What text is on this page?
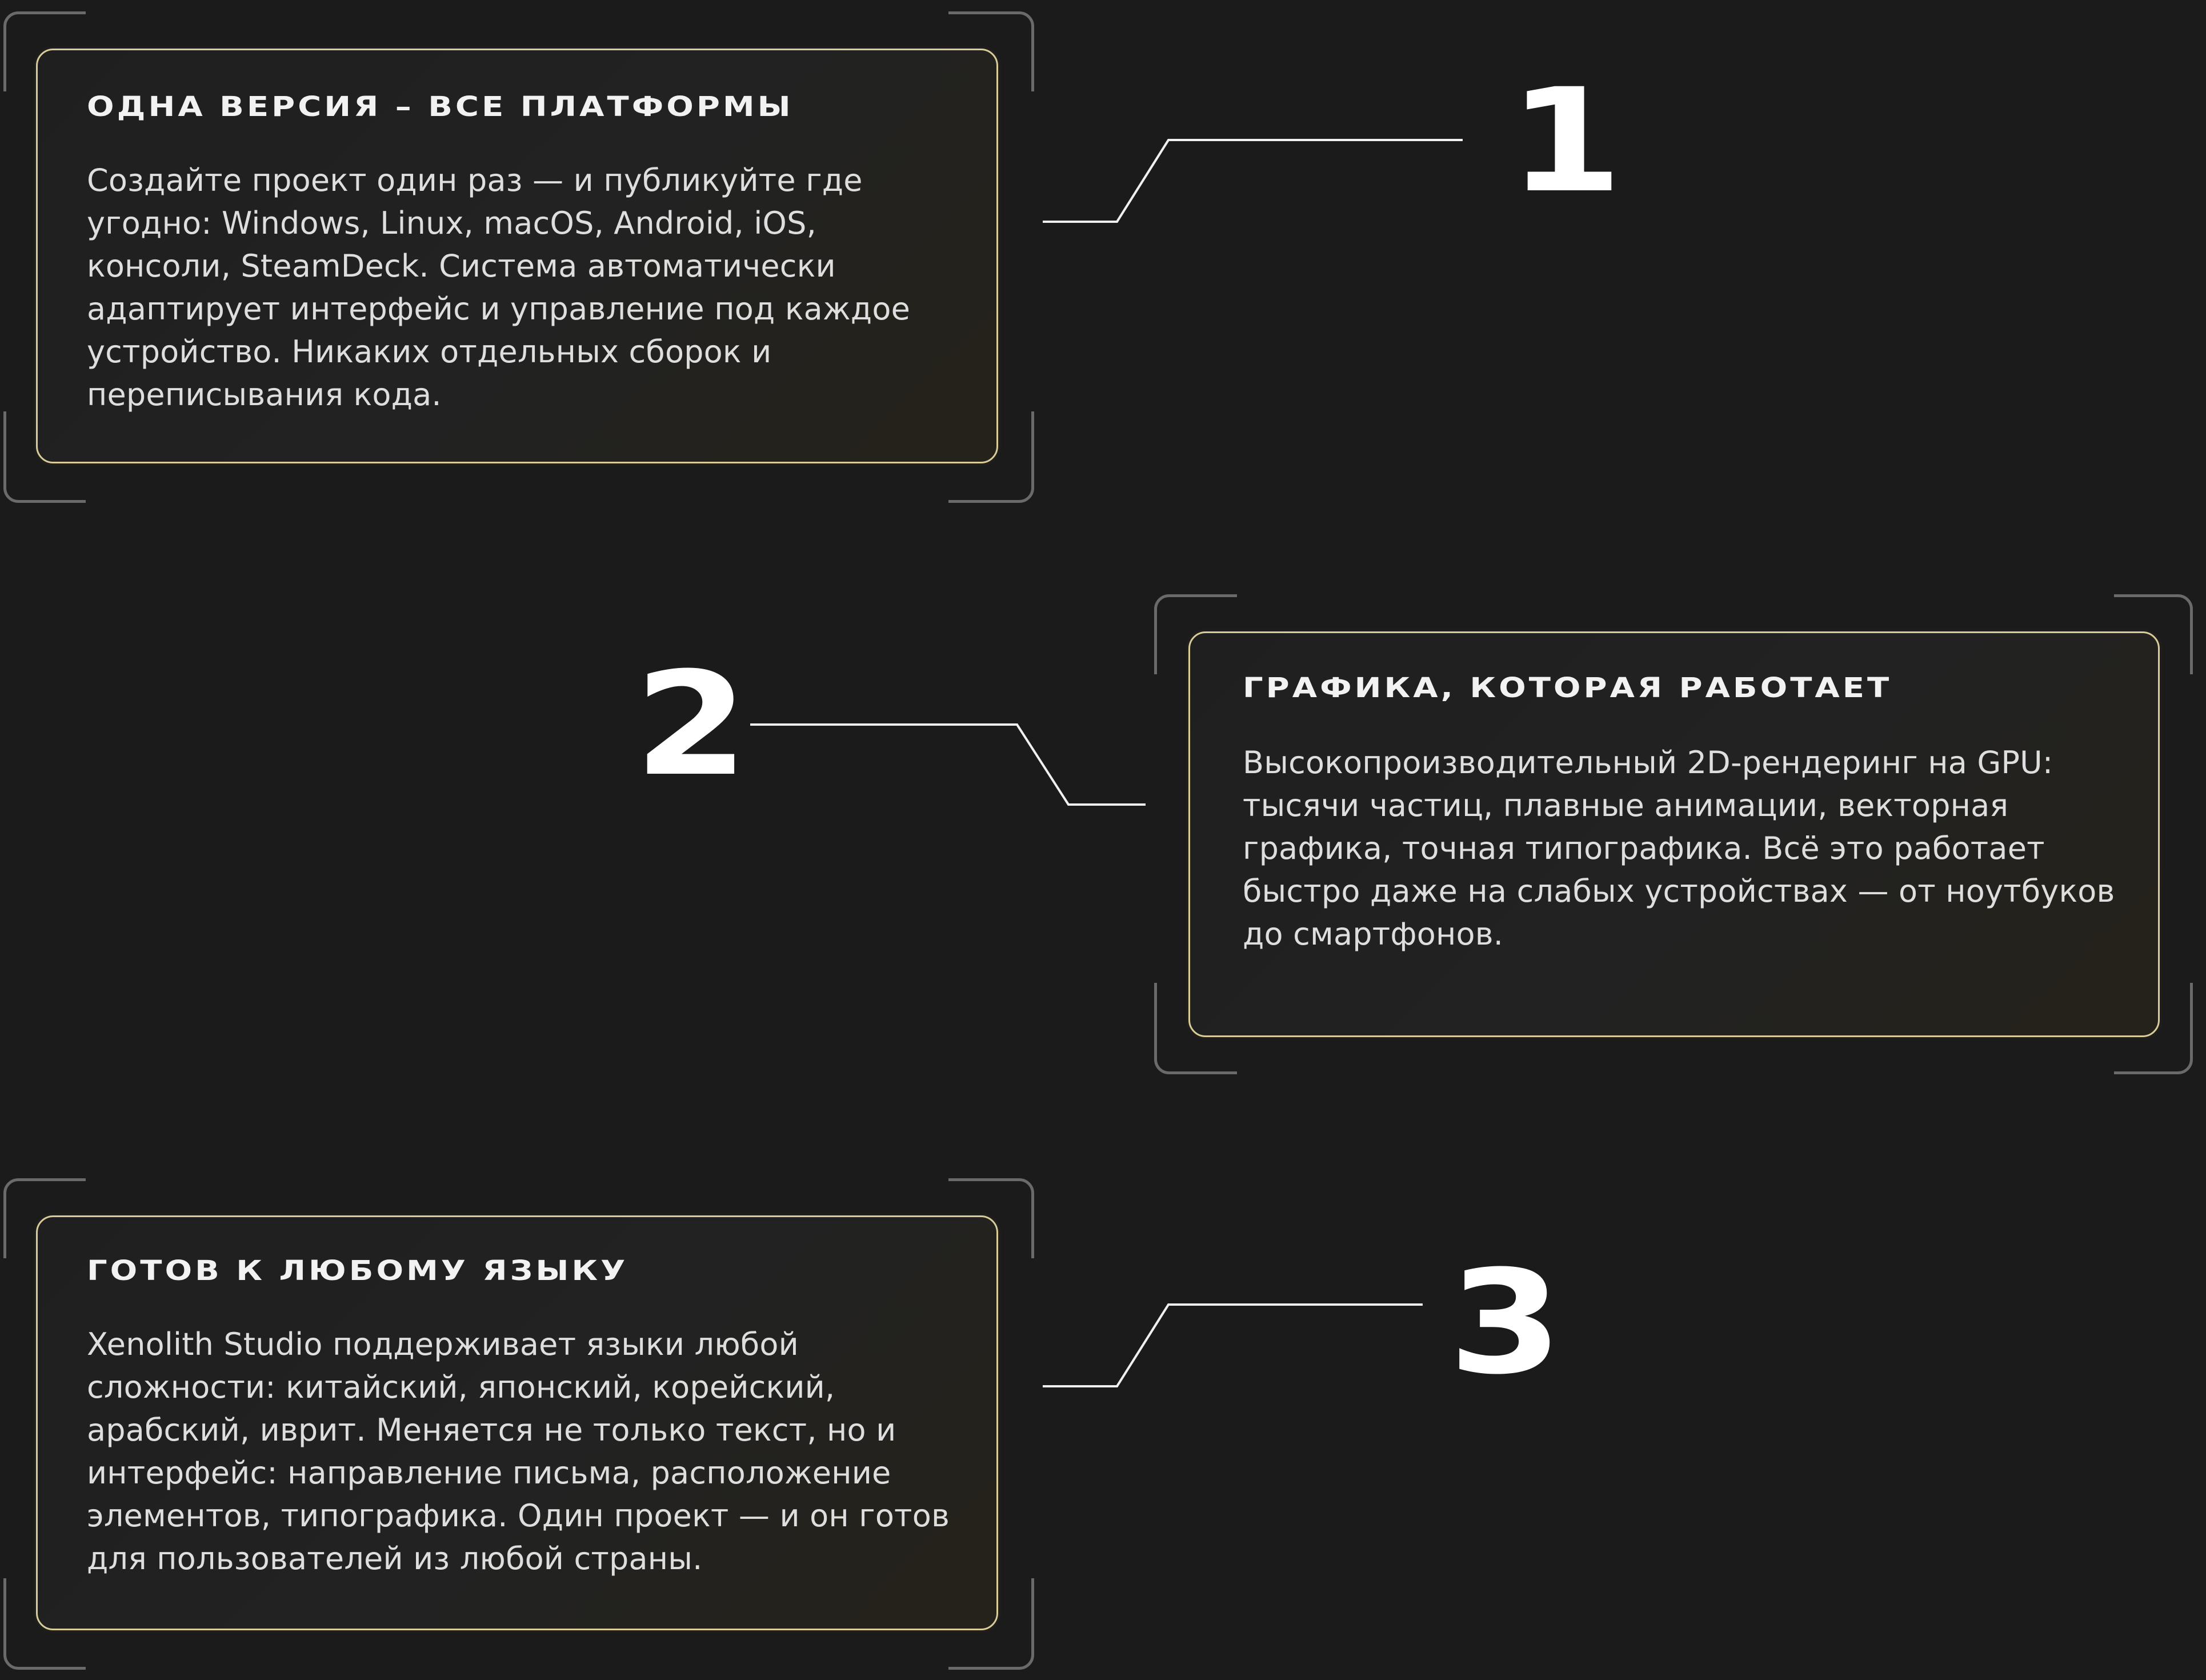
ОДНА ВЕРСИЯ – ВСЕ ПЛАТФОРМЫ

Создайте проект один раз — и публикуйте где угодно: Windows, Linux, macOS, Android, iOS, консоли, SteamDeck. Система автоматически адаптирует интерфейс и управление под каждое устройство. Никаких отдельных сборок и переписывания кода.

1
ГРАФИКА, КОТОРАЯ РАБОТАЕТ

Высокопроизводительный 2D-рендеринг на GPU: тысячи частиц, плавные анимации, векторная графика, точная типографика. Всё это работает быстро даже на слабых устройствах — от ноутбуков до смартфонов.

2
ГОТОВ К ЛЮБОМУ ЯЗЫКУ

Xenolith Studio поддерживает языки любой сложности: китайский, японский, корейский, арабский, иврит. Меняется не только текст, но и интерфейс: направление письма, расположение элементов, типографика. Один проект — и он готов для пользователей из любой страны.

3
